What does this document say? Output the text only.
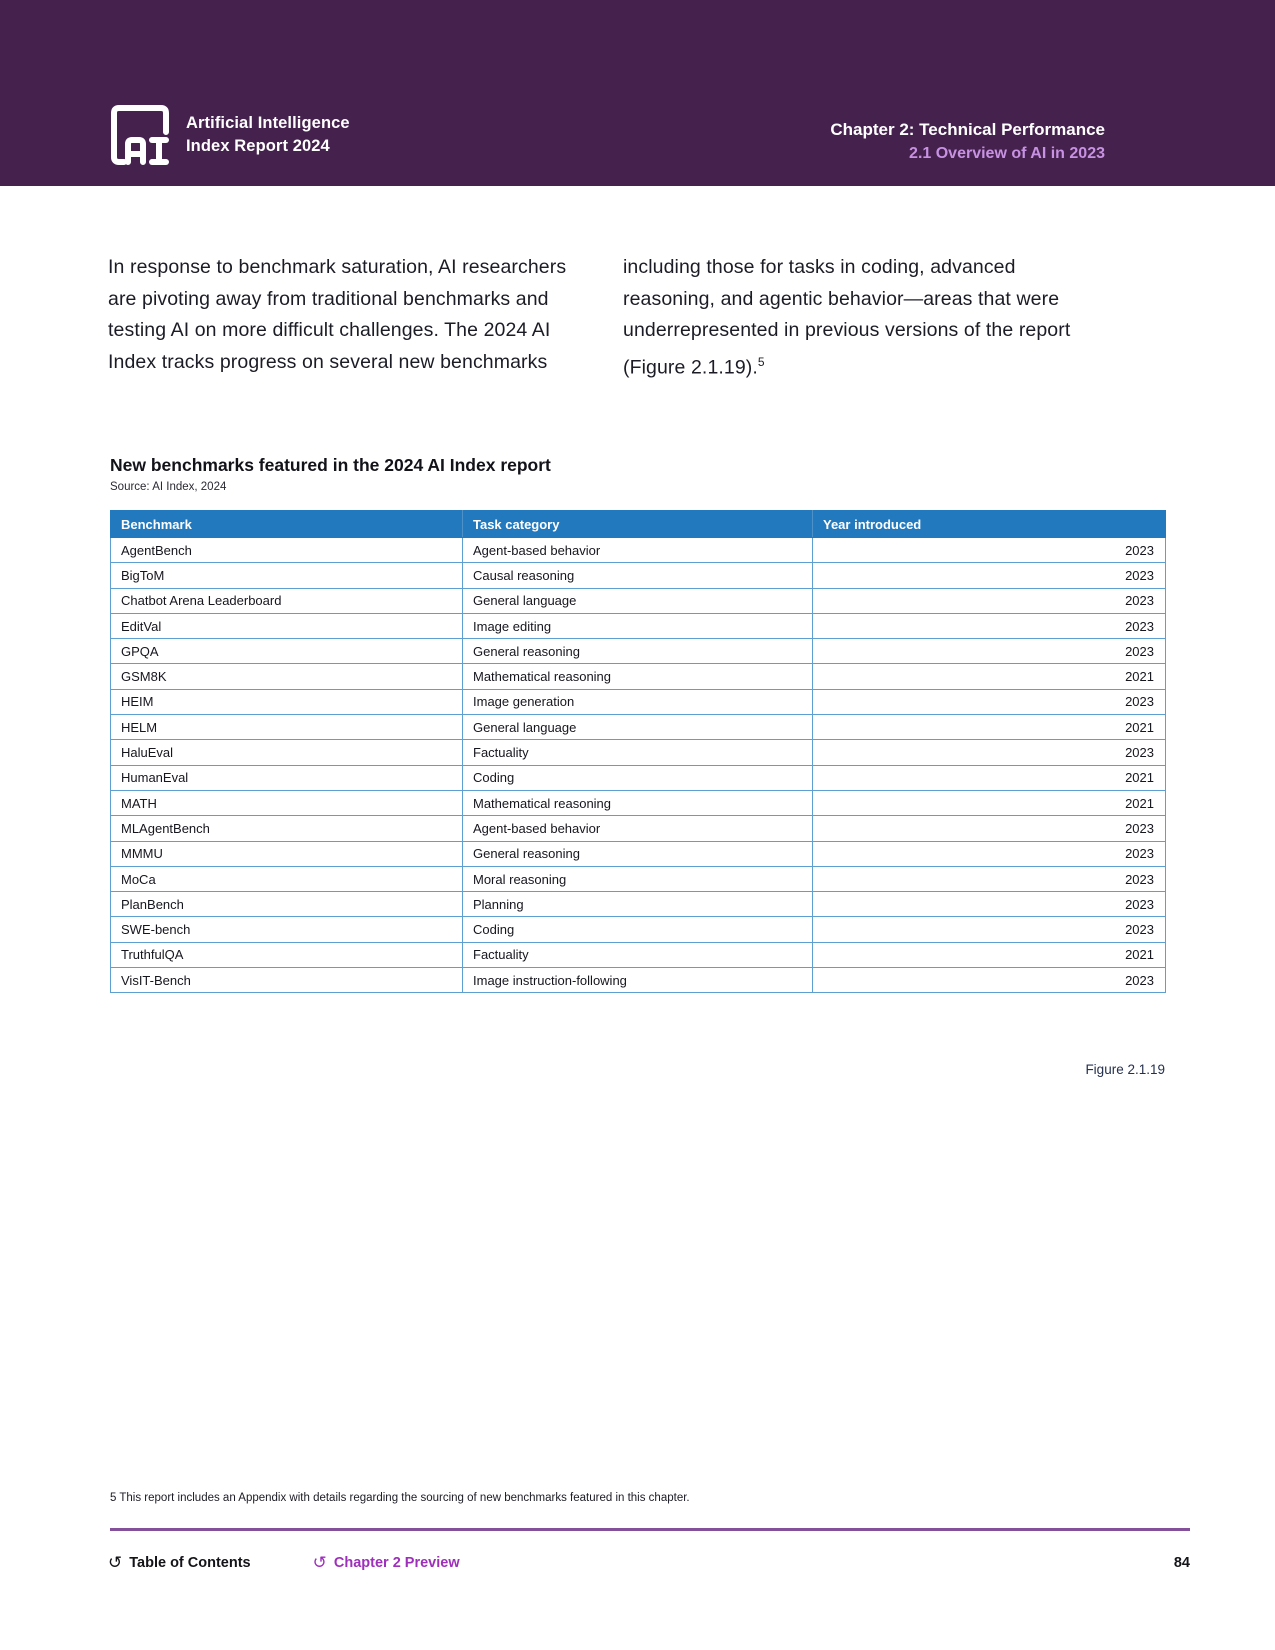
Artificial Intelligence
Index Report 2024
Chapter 2: Technical Performance
2.1 Overview of AI in 2023

In response to benchmark saturation, AI researchers are pivoting away from traditional benchmarks and testing AI on more difficult challenges. The 2024 AI Index tracks progress on several new benchmarks

including those for tasks in coding, advanced reasoning, and agentic behavior—areas that were underrepresented in previous versions of the report (Figure 2.1.19).$^5$

New benchmarks featured in the 2024 AI Index report
Source: AI Index, 2024
Benchmark	Task category	Year introduced
AgentBench	Agent-based behavior	2023
BigToM	Causal reasoning	2023
Chatbot Arena Leaderboard	General language	2023
EditVal	Image editing	2023
GPQA	General reasoning	2023
GSM8K	Mathematical reasoning	2021
HEIM	Image generation	2023
HELM	General language	2021
HaluEval	Factuality	2023
HumanEval	Coding	2021
MATH	Mathematical reasoning	2021
MLAgentBench	Agent-based behavior	2023
MMMU	General reasoning	2023
MoCa	Moral reasoning	2023
PlanBench	Planning	2023
SWE-bench	Coding	2023
TruthfulQA	Factuality	2021
VisIT-Bench	Image instruction-following	2023
Figure 2.1.19
5 This report includes an Appendix with details regarding the sourcing of new benchmarks featured in this chapter.
↺ Table of Contents	↺ Chapter 2 Preview	84
